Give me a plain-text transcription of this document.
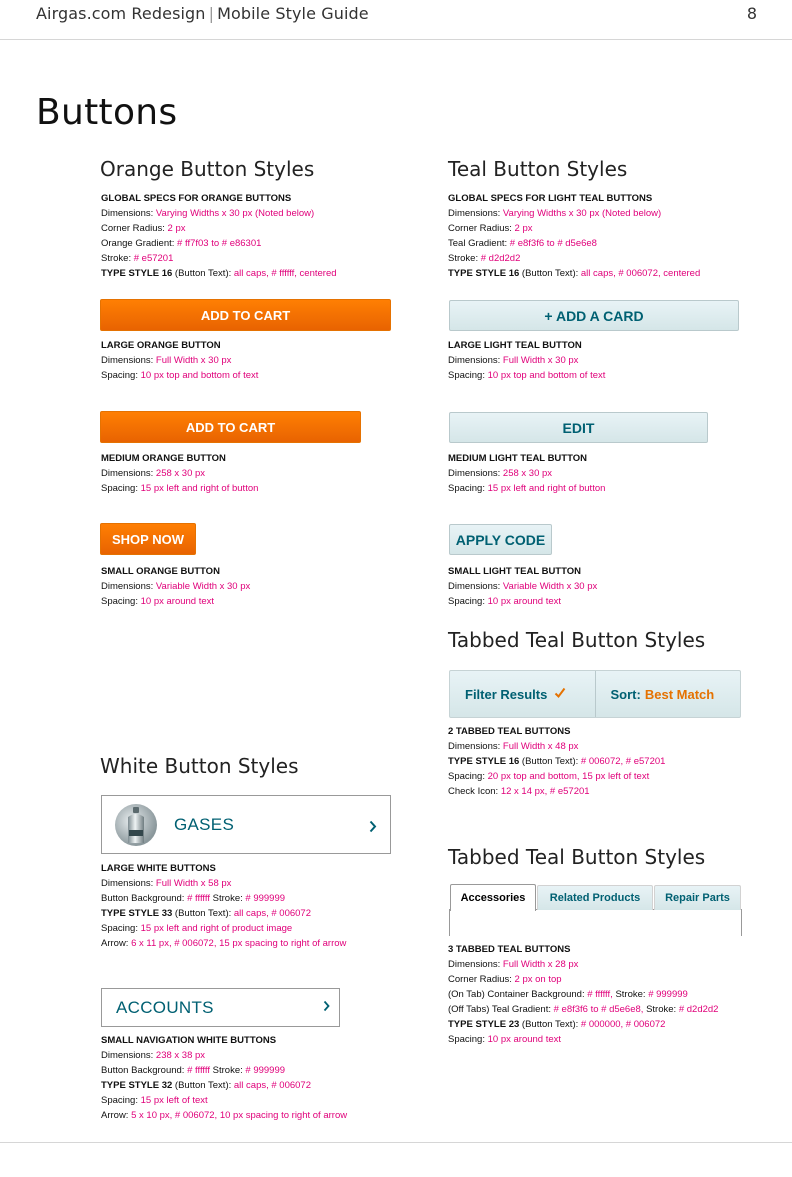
Airgas.com Redesign | Mobile Style Guide	8
Buttons
Orange Button Styles
GLOBAL SPECS FOR ORANGE BUTTONS
Dimensions: Varying Widths x 30 px (Noted below)
Corner Radius: 2 px
Orange Gradient: # ff7f03 to # e86301
Stroke: # e57201
TYPE STYLE 16 (Button Text): all caps, # ffffff, centered
ADD TO CART
LARGE ORANGE BUTTON
Dimensions: Full Width x 30 px
Spacing: 10 px top and bottom of text
ADD TO CART
MEDIUM ORANGE BUTTON
Dimensions: 258 x 30 px
Spacing: 15 px left and right of button
SHOP NOW
SMALL ORANGE BUTTON
Dimensions: Variable Width x 30 px
Spacing: 10 px around text
Teal Button Styles
GLOBAL SPECS FOR LIGHT TEAL BUTTONS
Dimensions: Varying Widths x 30 px (Noted below)
Corner Radius: 2 px
Teal Gradient: # e8f3f6 to # d5e6e8
Stroke: # d2d2d2
TYPE STYLE 16 (Button Text): all caps, # 006072, centered
+ ADD A CARD
LARGE LIGHT TEAL BUTTON
Dimensions: Full Width x 30 px
Spacing: 10 px top and bottom of text
EDIT
MEDIUM LIGHT TEAL BUTTON
Dimensions: 258 x 30 px
Spacing: 15 px left and right of button
APPLY CODE
SMALL LIGHT TEAL BUTTON
Dimensions: Variable Width x 30 px
Spacing: 10 px around text
Tabbed Teal Button Styles
Filter Results	Sort: Best Match
2 TABBED TEAL BUTTONS
Dimensions: Full Width x 48 px
TYPE STYLE 16 (Button Text): # 006072, # e57201
Spacing: 20 px top and bottom, 15 px left of text
Check Icon: 12 x 14 px, # e57201
White Button Styles
GASES
LARGE WHITE BUTTONS
Dimensions: Full Width x 58 px
Button Background: # ffffff Stroke: # 999999
TYPE STYLE 33 (Button Text): all caps, # 006072
Spacing: 15 px left and right of product image
Arrow: 6 x 11 px, # 006072, 15 px spacing to right of arrow
ACCOUNTS
SMALL NAVIGATION WHITE BUTTONS
Dimensions: 238 x 38 px
Button Background: # ffffff Stroke: # 999999
TYPE STYLE 32 (Button Text): all caps, # 006072
Spacing: 15 px left of text
Arrow: 5 x 10 px, # 006072, 10 px spacing to right of arrow
Tabbed Teal Button Styles
Accessories	Related Products	Repair Parts
3 TABBED TEAL BUTTONS
Dimensions: Full Width x 28 px
Corner Radius: 2 px on top
(On Tab) Container Background: # ffffff, Stroke: # 999999
(Off Tabs) Teal Gradient: # e8f3f6 to # d5e6e8, Stroke: # d2d2d2
TYPE STYLE 23 (Button Text): # 000000, # 006072
Spacing: 10 px around text
